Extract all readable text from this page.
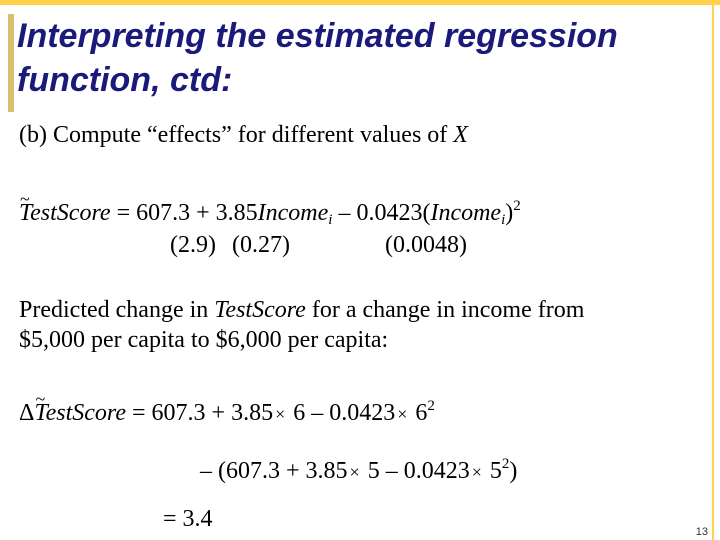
Interpreting the estimated regression function, ctd:
(b) Compute “effects” for different values of X
~ TestScore = 607.3 + 3.85Income$_i$ – 0.0423(Income$_i$)$^2$
(2.9) (0.27)	(0.0048)
Predicted change in TestScore for a change in income from
$5,000 per capita to $6,000 per capita:
Δ~ TestScore = $607.3 + 3.85 \times 6 - 0.0423 \times 6^2$
– $(607.3 + 3.85 \times 5 - 0.0423 \times 5^2)$
= 3.4	13
